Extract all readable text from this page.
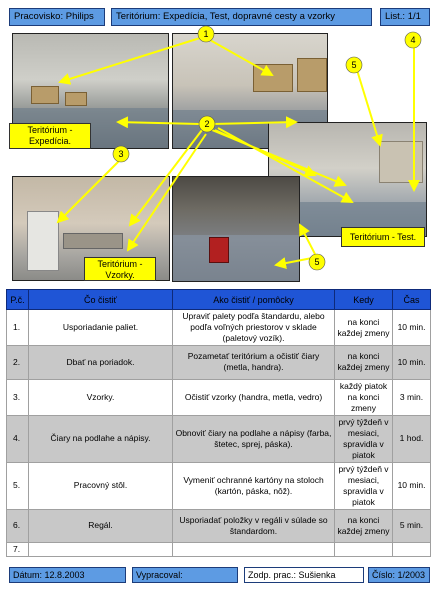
Pracovisko: Philips	Teritórium: Expedícia, Test, dopravné cesty a vzorky	List.: 1/1
Teritórium - Expedícia.
Teritórium - Vzorky.
Teritórium - Test.
1
2
3
4
5
5
P.č.	Čo čistiť	Ako čistiť / pomôcky	Kedy	Čas
1.	Usporiadanie paliet.	Upraviť palety podľa štandardu, alebo podľa voľných priestorov v sklade (paletový vozík).	na konci každej zmeny	10 min.
2.	Dbať na poriadok.	Pozametať teritórium a očistiť čiary (metla, handra).	na konci každej zmeny	10 min.
3.	Vzorky.	Očistiť vzorky (handra, metla, vedro)	každý piatok na konci zmeny	3 min.
4.	Čiary na podlahe a nápisy.	Obnoviť čiary na podlahe a nápisy (farba, štetec, sprej, páska).	prvý týždeň v mesiaci, spravidla v piatok	1 hod.
5.	Pracovný stôl.	Vymeniť ochranné kartóny na stoloch (kartón, páska, nôž).	prvý týždeň v mesiaci, spravidla v piatok	10 min.
6.	Regál.	Usporiadať položky v regáli v súlade so štandardom.	na konci každej zmeny	5 min.
7.				
Dátum: 12.8.2003	Vypracoval:	Zodp. prac.: Sušienka	Číslo: 1/2003
